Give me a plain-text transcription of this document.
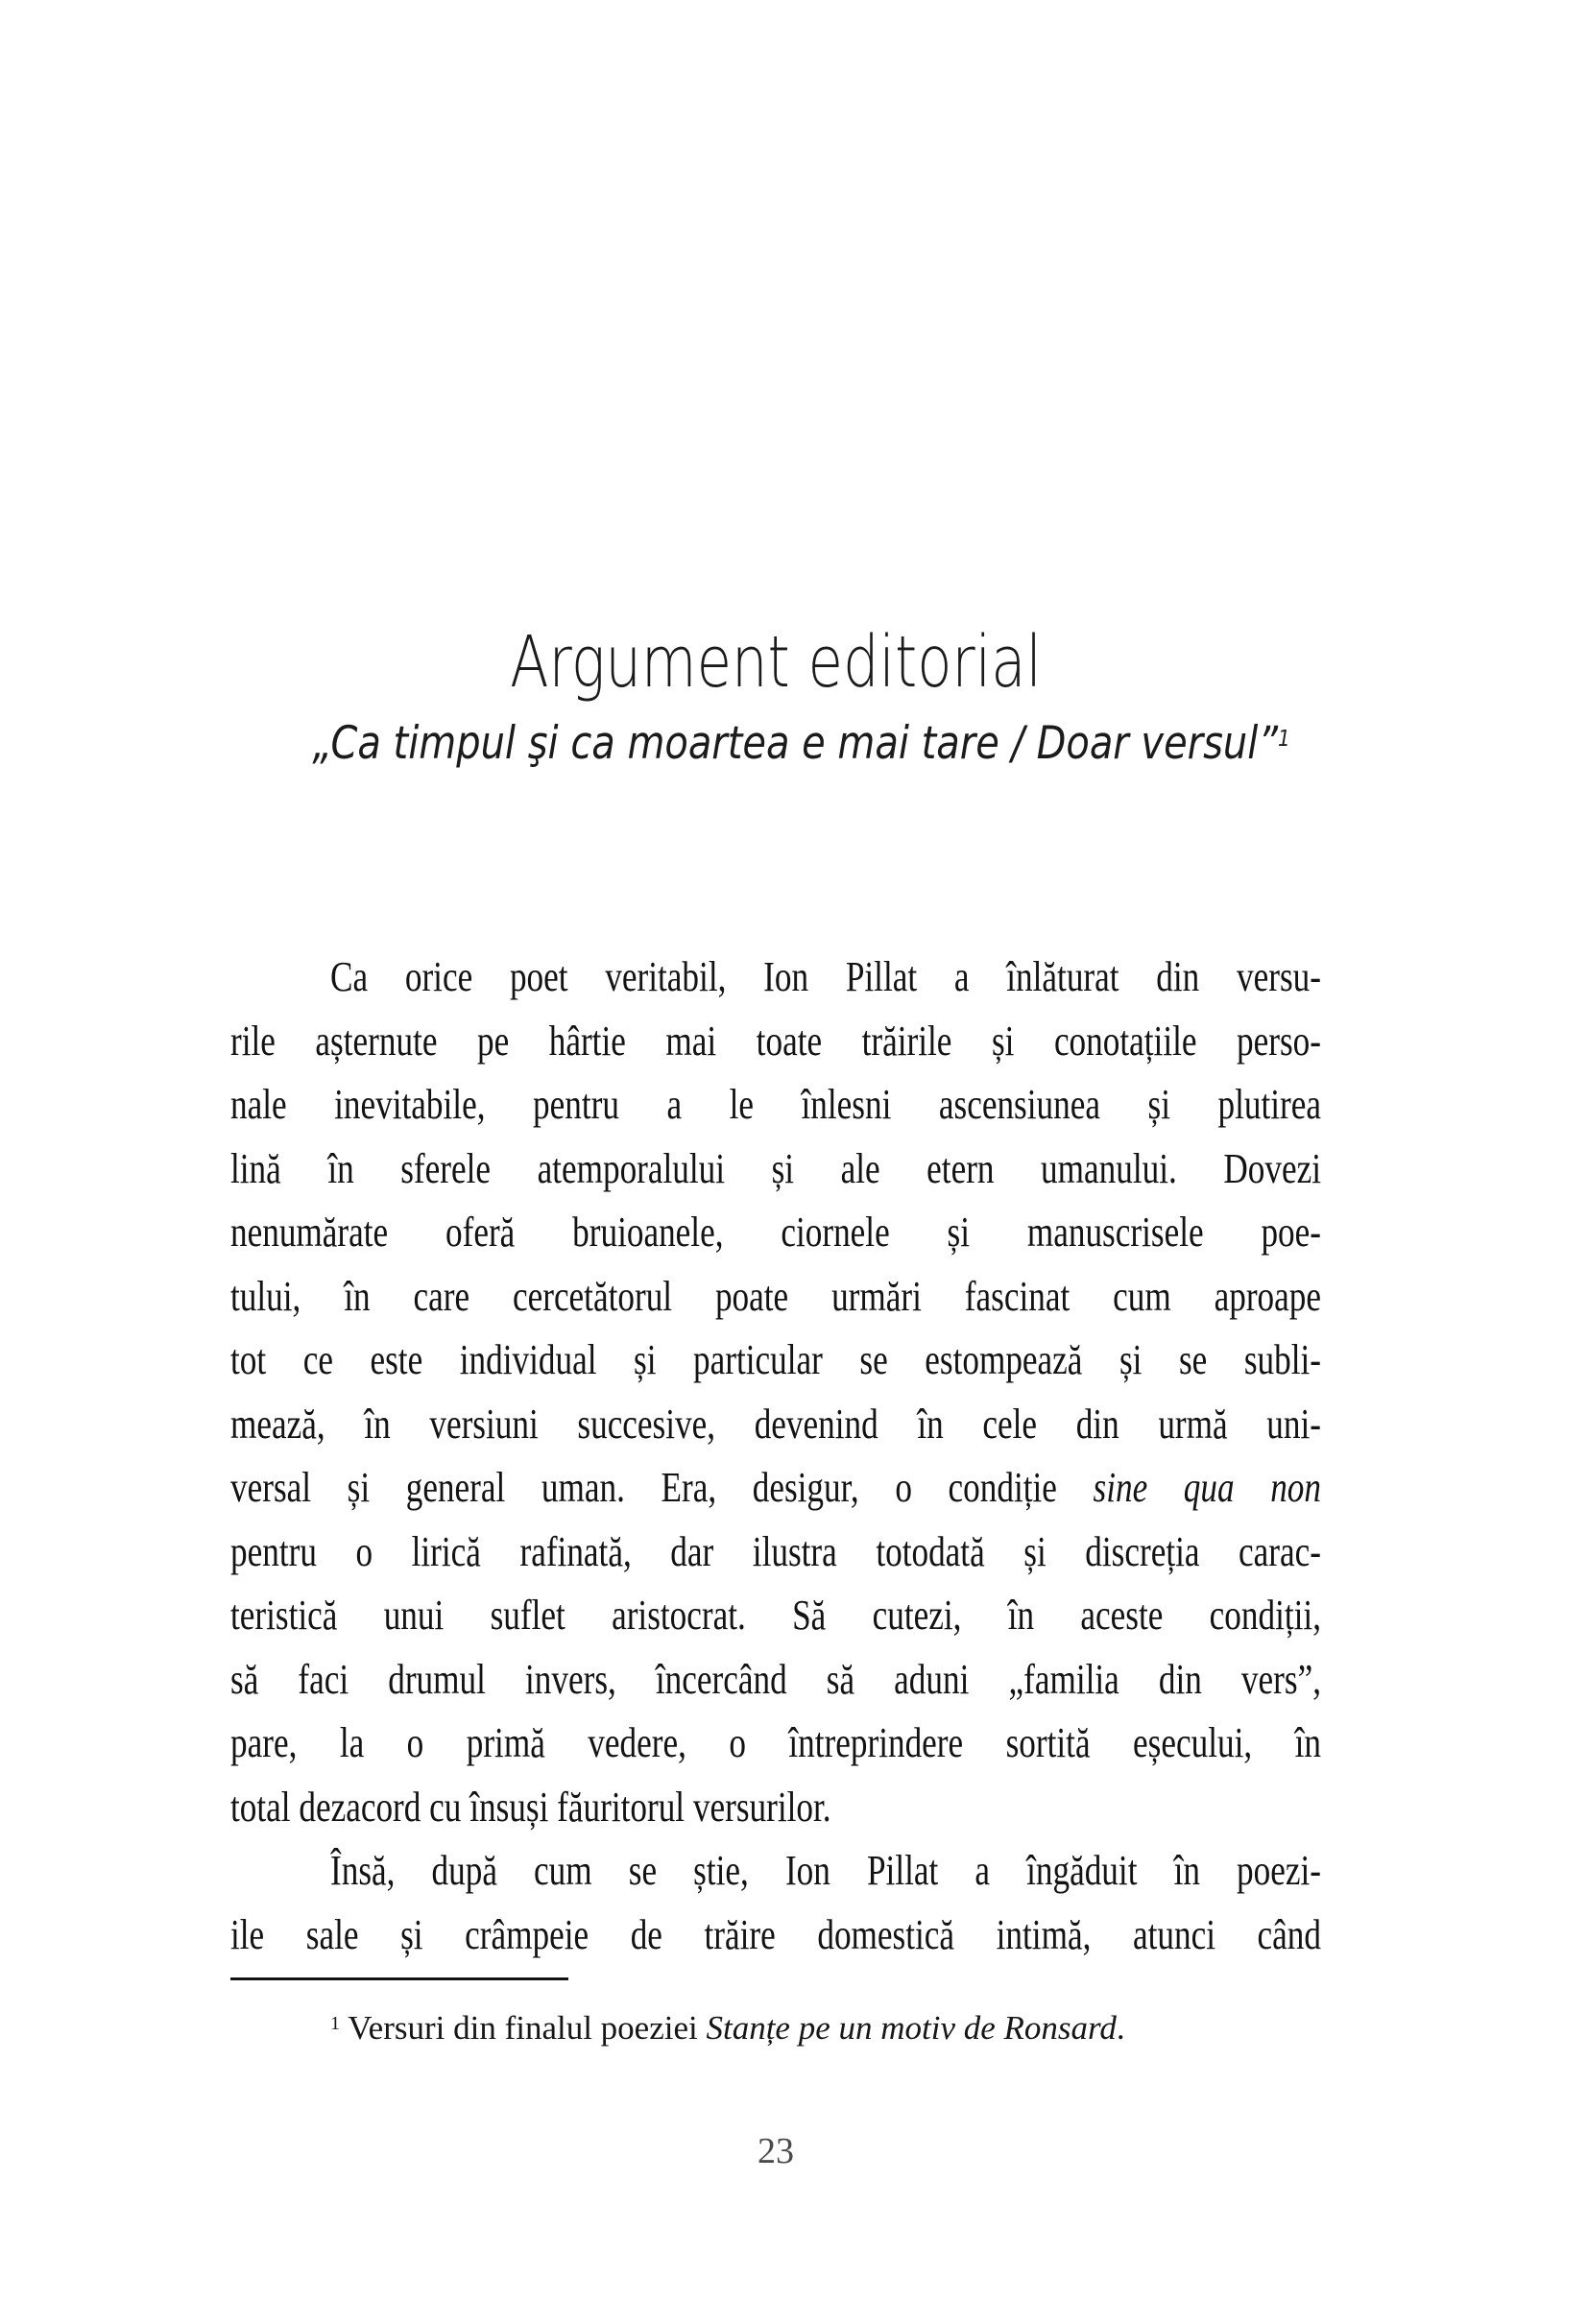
Argument editorial
„Ca timpul şi ca moartea e mai tare / Doar versul”$^1$
Ca orice poet veritabil, Ion Pillat a înlăturat din versu-
rile așternute pe hârtie mai toate trăirile și conotațiile perso-
nale inevitabile, pentru a le înlesni ascensiunea și plutirea
lină în sferele atemporalului și ale etern umanului. Dovezi
nenumărate oferă bruioanele, ciornele și manuscrisele poe-
tului, în care cercetătorul poate urmări fascinat cum aproape
tot ce este individual și particular se estompează și se subli-
mează, în versiuni succesive, devenind în cele din urmă uni-
versal și general uman. Era, desigur, o condiție sine qua non
pentru o lirică rafinată, dar ilustra totodată și discreția carac-
teristică unui suflet aristocrat. Să cutezi, în aceste condiții,
să faci drumul invers, încercând să aduni „familia din vers”,
pare, la o primă vedere, o întreprindere sortită eșecului, în
total dezacord cu însuși făuritorul versurilor.
Însă, după cum se știe, Ion Pillat a îngăduit în poezi-
ile sale și crâmpeie de trăire domestică intimă, atunci când
$^1$ Versuri din finalul poeziei Stanțe pe un motiv de Ronsard.
23
